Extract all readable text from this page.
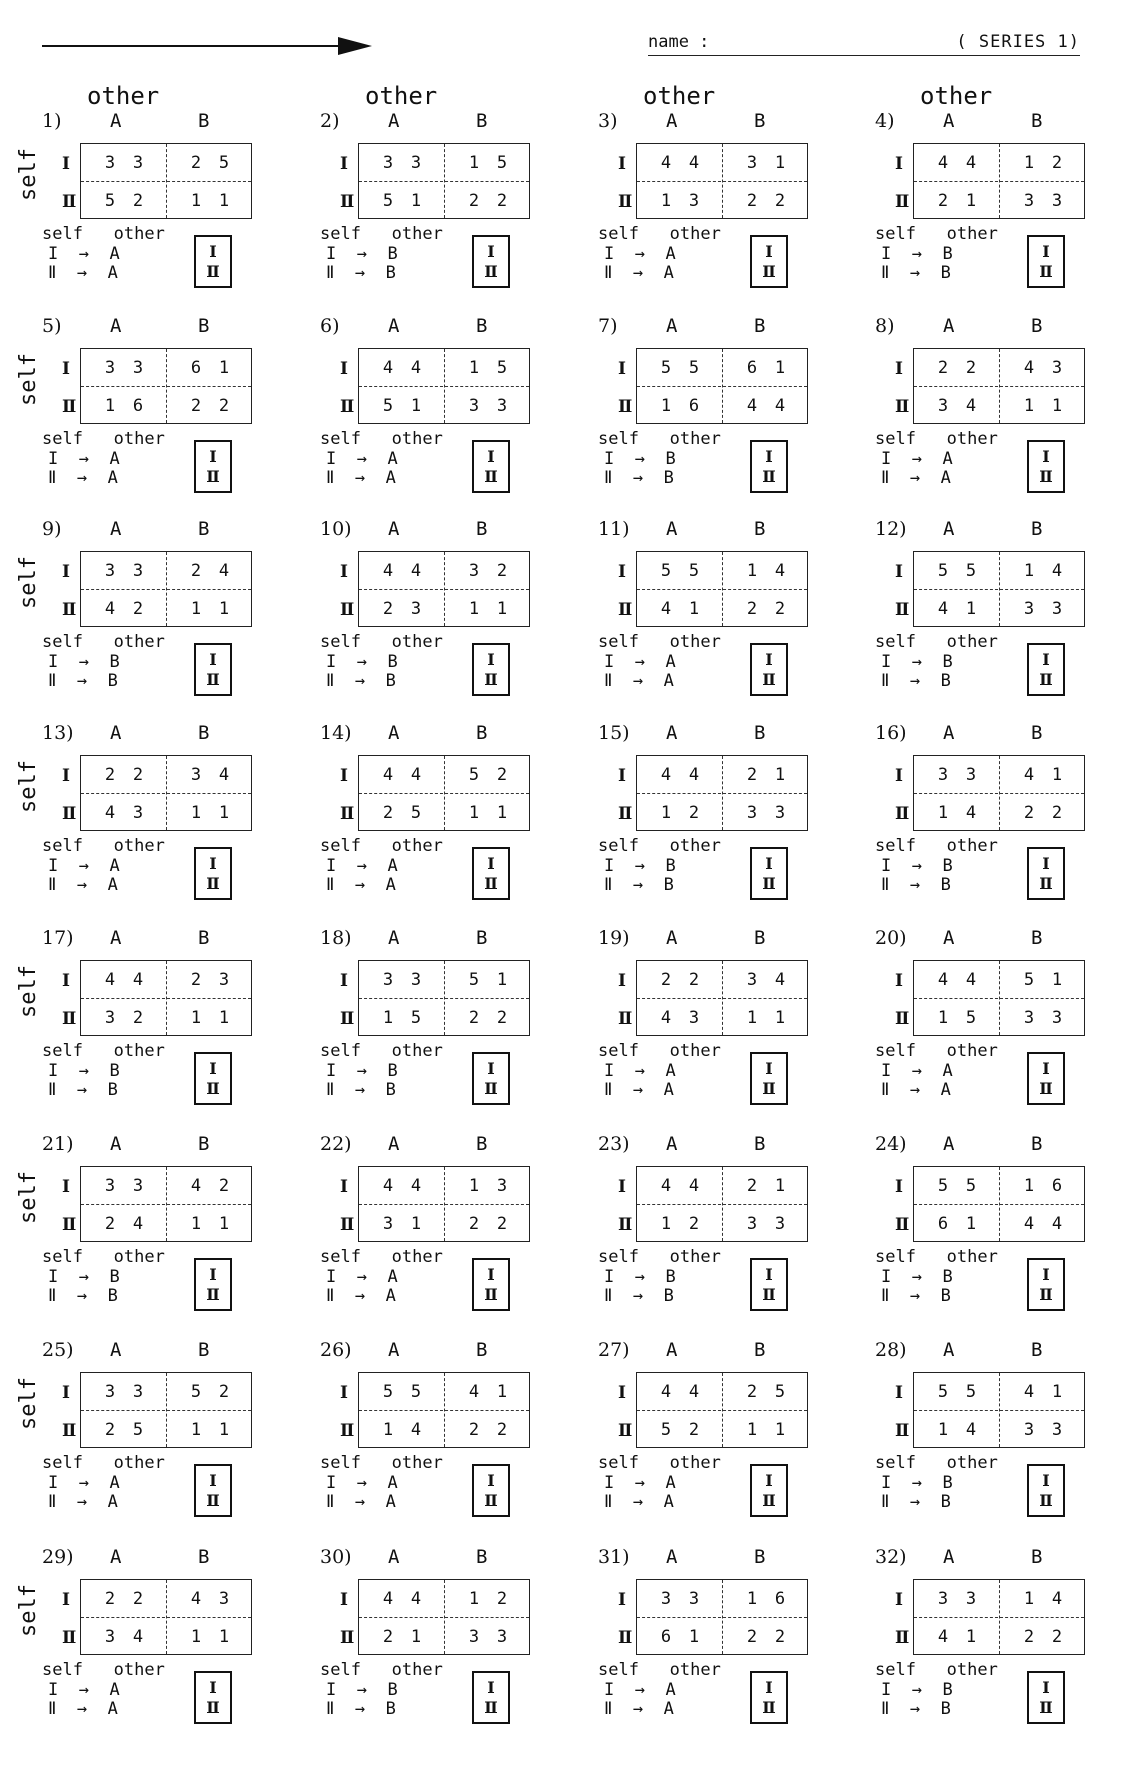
name :	( SERIES 1)
other
self
1)	A	B
I
Ⅱ
3	3	2	5
5	2	1	1
self   other
I → A
Ⅱ → A
I
Ⅱ
other
2)	A	B
I
Ⅱ
3	3	1	5
5	1	2	2
self   other
I → B
Ⅱ → B
I
Ⅱ
other
3)	A	B
I
Ⅱ
4	4	3	1
1	3	2	2
self   other
I → A
Ⅱ → A
I
Ⅱ
other
4)	A	B
I
Ⅱ
4	4	1	2
2	1	3	3
self   other
I → B
Ⅱ → B
I
Ⅱ
self
5)	A	B
I
Ⅱ
3	3	6	1
1	6	2	2
self   other
I → A
Ⅱ → A
I
Ⅱ
6)	A	B
I
Ⅱ
4	4	1	5
5	1	3	3
self   other
I → A
Ⅱ → A
I
Ⅱ
7)	A	B
I
Ⅱ
5	5	6	1
1	6	4	4
self   other
I → B
Ⅱ → B
I
Ⅱ
8)	A	B
I
Ⅱ
2	2	4	3
3	4	1	1
self   other
I → A
Ⅱ → A
I
Ⅱ
self
9)	A	B
I
Ⅱ
3	3	2	4
4	2	1	1
self   other
I → B
Ⅱ → B
I
Ⅱ
10) A	B
I
Ⅱ
4	4	3	2
2	3	1	1
self   other
I → B
Ⅱ → B
I
Ⅱ
11) A	B
I
Ⅱ
5	5	1	4
4	1	2	2
self   other
I → A
Ⅱ → A
I
Ⅱ
12) A	B
I
Ⅱ
5	5	1	4
4	1	3	3
self   other
I → B
Ⅱ → B
I
Ⅱ
self
13) A	B
I
Ⅱ
2	2	3	4
4	3	1	1
self   other
I → A
Ⅱ → A
I
Ⅱ
14) A	B
I
Ⅱ
4	4	5	2
2	5	1	1
self   other
I → A
Ⅱ → A
I
Ⅱ
15) A	B
I
Ⅱ
4	4	2	1
1	2	3	3
self   other
I → B
Ⅱ → B
I
Ⅱ
16) A	B
I
Ⅱ
3	3	4	1
1	4	2	2
self   other
I → B
Ⅱ → B
I
Ⅱ
self
17) A	B
I
Ⅱ
4	4	2	3
3	2	1	1
self   other
I → B
Ⅱ → B
I
Ⅱ
18) A	B
I
Ⅱ
3	3	5	1
1	5	2	2
self   other
I → B
Ⅱ → B
I
Ⅱ
19) A	B
I
Ⅱ
2	2	3	4
4	3	1	1
self   other
I → A
Ⅱ → A
I
Ⅱ
20) A	B
I
Ⅱ
4	4	5	1
1	5	3	3
self   other
I → A
Ⅱ → A
I
Ⅱ
self
21) A	B
I
Ⅱ
3	3	4	2
2	4	1	1
self   other
I → B
Ⅱ → B
I
Ⅱ
22) A	B
I
Ⅱ
4	4	1	3
3	1	2	2
self   other
I → A
Ⅱ → A
I
Ⅱ
23) A	B
I
Ⅱ
4	4	2	1
1	2	3	3
self   other
I → B
Ⅱ → B
I
Ⅱ
24) A	B
I
Ⅱ
5	5	1	6
6	1	4	4
self   other
I → B
Ⅱ → B
I
Ⅱ
self
25) A	B
I
Ⅱ
3	3	5	2
2	5	1	1
self   other
I → A
Ⅱ → A
I
Ⅱ
26) A	B
I
Ⅱ
5	5	4	1
1	4	2	2
self   other
I → A
Ⅱ → A
I
Ⅱ
27) A	B
I
Ⅱ
4	4	2	5
5	2	1	1
self   other
I → A
Ⅱ → A
I
Ⅱ
28) A	B
I
Ⅱ
5	5	4	1
1	4	3	3
self   other
I → B
Ⅱ → B
I
Ⅱ
self
29) A	B
I
Ⅱ
2	2	4	3
3	4	1	1
self   other
I → A
Ⅱ → A
I
Ⅱ
30) A	B
I
Ⅱ
4	4	1	2
2	1	3	3
self   other
I → B
Ⅱ → B
I
Ⅱ
31) A	B
I
Ⅱ
3	3	1	6
6	1	2	2
self   other
I → A
Ⅱ → A
I
Ⅱ
32) A	B
I
Ⅱ
3	3	1	4
4	1	2	2
self   other
I → B
Ⅱ → B
I
Ⅱ
